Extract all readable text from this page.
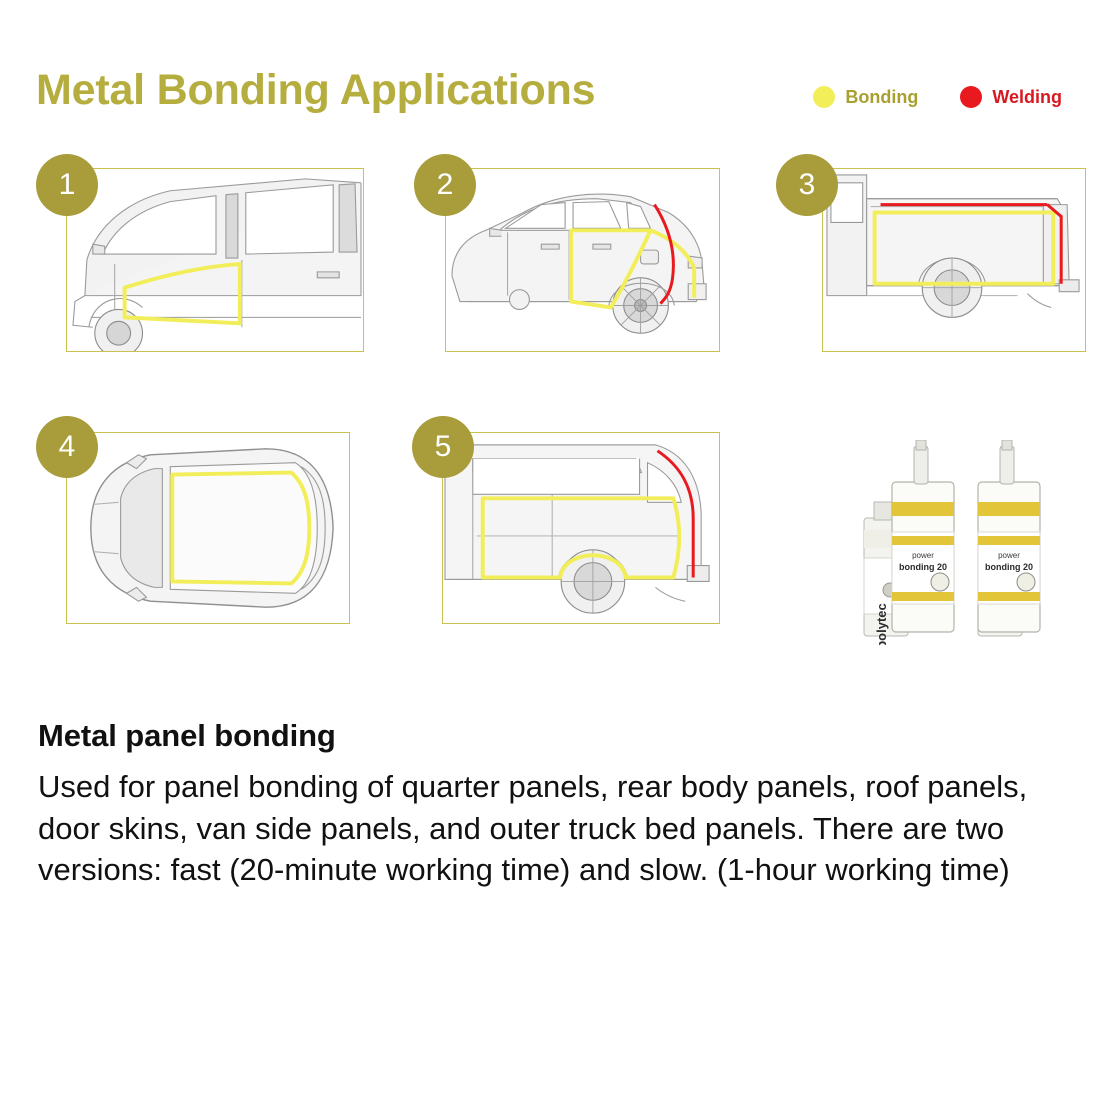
Metal Bonding Applications	Bonding	Welding
1	2	3
4	5
polytec
power
bonding 20
power
bonding 20
Metal panel bonding

Used for panel bonding of quarter panels, rear body panels, roof panels, door skins, van side panels, and outer truck bed panels. There are two versions: fast (20-minute working time) and slow. (1-hour working time)
